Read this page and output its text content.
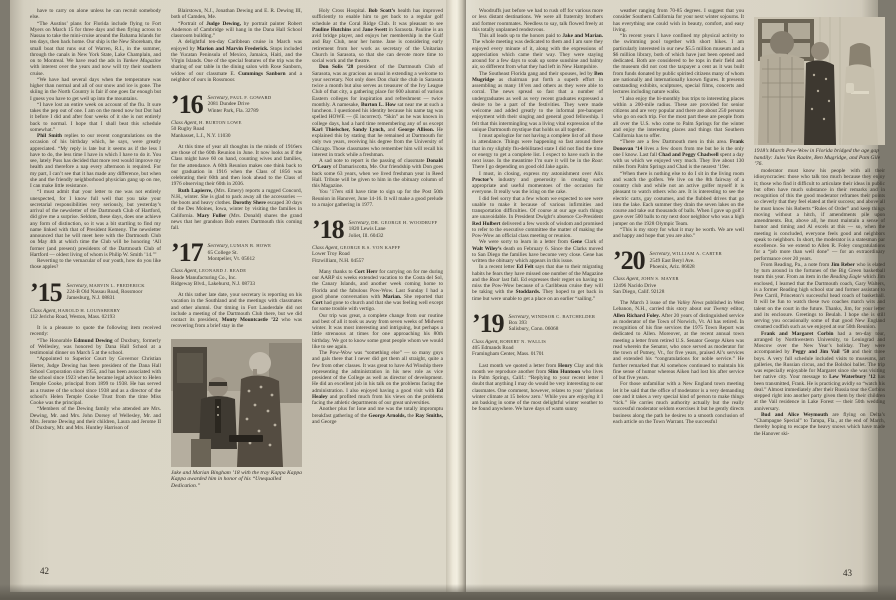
have to carry on alone unless he can recruit somebody else.

“The Austins’ plans for Florida include flying to Fort Myers on March 15 for three days and then flying across to Nassau to take the mini-cruise around the Bahama Islands for ten days, then back home. Our ship is the New Shoreham, the small boat that runs out of Warren, R.I., in the summer, through the canals in New York State, Lake Champlain, and on to Montreal. We have read the ads in Yankee Magazine with interest over the years and now will try their southern cruise.

“We have had several days when the temperature was higher than normal and all of our snow and ice is gone. The skiing in the North Country is fair if one goes far enough but I guess you have to get well up into the mountains.

“I have lost an entire week on account of the flu. It sure takes the pep out of one. I am on the mend now but Dot had it before I did and after four weeks of it she is not entirely back to normal. I hope that I shall beat this schedule somewhat.”

Phil Smith replies to our recent congratulations on the occasion of his birthday which, he says, were greatly appreciated. “My reply is late but it seems as if the less I have to do, the less time I have in which I have to do it. You see, lately Puss has decided that more rest would improve my health and therefore a nap every afternoon is required. For my part, I can’t see that it has made any difference, but when she and the friendly neighborhood physician gang up on me, I can make little resistance.

“I must admit that your letter to me was not entirely unexpected, for I know full well that you take your secretarial responsibilities very seriously, but yesterday’s arrival of the newsletter of the Dartmouth Club of Hartford, did give me a surprise. Seldom, these days, does one achieve any form of distinction, so it was a bit startling to find my name linked with that of President Kemeny. The newsletter announced that he will meet here with the Dartmouth Club on May 4th at which time the Club will be honoring ‘All former (and present) presidents of the Dartmouth Club of Hartford — oldest living of whom is Philip W. Smith ’14.’”

Reverting to the vernacular of our youth, how do you like those apples?

’15 Secretary, MARVIN L. FREDERICK
224-B Old Nassau Road, Rossmoor
Jamesburg, N.J. 08831
Class Agent, HAROLD H. LOUNSBERRY
112 Jericho Road, Weston, Mass. 02193

It is a pleasure to quote the following item received recently:

“The Honorable Edmund Dewing of Duxbury, formerly of Wellesley, was honored by Dana Hall School at a testimonial dinner on March 5 at the school.

“Appointed to Superior Court by Governor Christian Herter, Judge Dewing has been president of the Dana Hall School Corporation since 1955, and has been associated with the school since 1923 when he became legal advisor to Helen Temple Cooke, principal from 1899 to 1938. He has served as a trustee of the school since 1938 and as a director of the school’s Helen Temple Cooke Trust from the time Miss Cooke was the principal.

“Members of the Dewing family who attended are Mrs. Dewing, Mr. and Mrs. John Dorsey of Wellesley, Mr. and Mrs. Jerome Dewing and their children, Laura and Jerome II of Duxbury, Mr. and Mrs. Huntley Harrison of

Blairstown, N.J., Jonathan Dewing and E. R. Dewing III, both of Camden, Me.

“Portrait of Judge Dewing, by portrait painter Robert Anderson of Cambridge will hang in the Dana Hall School classroom building.”

A delightful ten-day Caribbean cruise in March was enjoyed by Marion and Marvin Frederick. Stops included the Yucatan Peninsula of Mexico, Jamaica, Haiti, and the Virgin Islands. One of the special features of the trip was the sharing of our table in the dining salon with Rose Sanborn, widow of our classmate E. Cummings Sanborn and a neighbor of ours in Rossmoor.

’16 Secretary, PAUL F. GOWARD
2081 Dundee Drive
Winter Park, Fla. 32789
Class Agent, H. BURTON LOWE
50 Rugby Road
Manhasset, L.I., N.Y. 11030

At this time of year all thoughts in the minds of 1916ers are those of the 60th Reunion in June. It now looks as if the Class might have 60 on hand, counting wives and families, for the attendance. A 60th Reunion makes one think back to our graduation in 1916 when the Class of 1856 was celebrating their 60th and then look ahead to the Class of 1976 observing their 60th in 2036.

Ruth Lapierre, (Mrs. Emery) reports a rugged Concord, N.H., winter. She is glad to pack away all the accessories — the boots and heavy clothes. Dorothy Shere escaped 30 days of the Des Moines, Iowa, winter by visiting the families in California. Mary Fuller (Mrs. Donald) shares the grand news that her grandson Bob enters Dartmouth this coming fall.

’17 Secretary, LUMAN B. HOWE
65 College St.
Montpelier, Vt. 05612
Class Agent, LEONARD J. READE
Reade Manufacturing Co., Inc.
Ridgeway Blvd., Lakehurst, N.J. 08733

At this rather late date, your secretary is reporting on his vacation in the Southland and the meetings with classmates and other alumni. Our timing in Fort Lauderdale did not include a meeting of the Dartmouth Club there, but we did contact its president, Monty Mountcastle ’22 who was recovering from a brief stay in the

Jake and Marian Bingham ’18 with the tray Kappa Kappa Kappa awarded him in honor of his “Unequalled Dedication.”

Holy Cross Hospital. Bob Scott’s health has improved sufficiently to enable him to get back to a regular golf schedule at the Coral Ridge Club. It was pleasant to see Pauline Hutchins and Jane Swett in Sarasota. Pauline is an avid bridge player, and enjoys her membership in the Gulf and Bay Club, near her home. Jane is considering early retirement from her work as secretary of the Unitarian Church in Sarasota, so that she can devote more time to social work and the theatre.

Don Solis ’28 president of the Dartmouth Club of Sarasota, was as gracious as usual in extending a welcome to your secretary. Not only does Don chair the club in Sarasota twice a month but also serves as treasurer of the Ivy League Club of that city, a gathering place for 600 alumni of various Eastern colleges for inspiration and refreshment — twice monthly. A namesake, Burton L. How sat near me at such a luncheon. I questioned his identity because his name tag was spelled HOWE — (E incorrect). “Skin” as he was known in college days, had a hard time remembering any of us except Karl Thielscher, Sandy Lynch, and George Allison. He explained this by stating that he remained at Dartmouth for only two years, receiving his degree from the University of Chicago. Those classmates who remember him will recall his interest in track while a freshman.

A sad note to report is the passing of classmate Donald O’Leary of Damariscotta, Me. Our friendship with Don goes back some 63 years, when we lived freshman year in Reed Hall. Tribute will be given to him in the obituary column of this Magazine.

You ’17ers still have time to sign up for the Post 50th Reunion in Hanover, June 14-16. It will make a good prelude to a major gathering in 1977.

’18 Secretary, DR. GEORGE H. WOODRUFF
1820 Lewis Lane
Joliet, Ill. 60432
Class Agent, GEORGE R.S. VON KAPFF
Lower Troy Road
Fitzwilliam, N.H. 04557

Many thanks to Cort Herr for carrying on for me during our AARP six weeks extended vacation to the Costa del Sol, the Canary Islands, and another week coming home to Florida and the fabulous Pow-Wow. Last Sunday I had a good phone conversation with Marian. She reported that Cort had gone to church and that she was feeling well except for some trouble with vertigo.

Our trip was great, a complete change from our routine and best of all it took us away from seven weeks of Midwest winter. It was most interesting and intriguing, but perhaps a little strenuous at times for one approaching his 80th birthday. We got to know some great people whom we would like to see again.

The Pow-Wow was “something else” — so many guys and gals there that I never did get them all straight, quite a few from other classes. It was great to have Ad Winship there representing the administration in his new role as vice president of the College as well as director of development. He did an excellent job in his talk on the problems facing the administration. I also enjoyed having a good visit with Ed Healey and profited much from his views on the problems facing the athletic departments of our great universities.

Another plus for Ione and me was the totally impromptu breakfast gathering of the George Arnolds, the Ray Smiths, and George

42

Woodruffs just before we had to rush off for various more or less distant destinations. We were all fraternity brothers and former roommates. Needless to say, talk flowed freely at this totally unplanned rendezvous.

This all leads up to the honors paid to Jake and Marian. The whole meeting was dedicated to them and I am sure they enjoyed every minute of it, along with the expressions of appreciation which came their way. They were staying around for a few days to soak up some sunshine and balmy air, so different from what they had left in New Hampshire.

The Southeast Florida gang and their spouses, led by Ben Mugridge as chairman put forth a superb effort in assembling as many 18’ers and others as they were able to corral. The news spread so fast that a number of undergraduates as well as very recent graduates expressed a desire to be a part of the festivities. They were made welcome and added greatly to the informal pre-banquet enjoyment with their singing and general good fellowship. I felt that this intermingling was a living vital expression of the unique Dartmouth mystique that holds us all together.

I must apologize for not having a complete list of all those in attendance. Things were happening so fast around there that in my slightly flu-debilitated state I did not find the time or energy to get a complete list. I expect to have such in the next issue. In the meantime I’m sure it will be in the Roar. There I go depending on good old Jake again.

I must, in closing, express my astonishment over Alix Proctor’s industry and generosity in creating such appropriate and useful momentoes of the occasion for everyone. It really was the icing on the cake.

I did feel sorry that a few whom we expected to see were unable to make it because of various infirmities and transportation difficulties. Of course at our age such things are unavoidable. In President Dwight’s absence Co-President Red Hulbert delivered a few words of wisdom and promised to refer to the executive committee the matter of making the Pow-Wow an official class meeting or reunion.

We were sorry to learn in a letter from Gene Clark of Walt Wiley’s death on February 6. Since the Clarks moved to San Diego the families have become very close. Gene has written the obituary which appears in this issue.

In a recent letter Ed Felt says that due to their migrating habits he fears they have missed one number of the Magazine and the Roar last fall. Ed expresses their regret on having to miss the Pow-Wow because of a Caribbean cruise they will be taking with the Stoddards. They hoped to get back in time but were unable to get a place on an earlier “sailing.”

’19 Secretary, WINDSOR C. BATCHELDER
Box 393
Salisbury, Conn. 06068
Class Agent, ROBERT N. WALLIS
405 Edmands Road
Framingham Center, Mass. 01701

Last month we quoted a letter from Henry Clay and this month we reproduce another from Slim Huntoon who lives in Palm Springs, Calif.: “Replying to your recent letter I doubt that anything I may do would be very interesting to our classmates. One comment, however, relates to your ‘glorious winter climate at 15 below zero.’ While you are enjoying it I am basking in some of the most delightful winter weather to be found anywhere. We have days of warm sunny

weather ranging from 70-85 degrees. I suggest that you consider Southern California for your next winter sojourns. It has everything one could wish in beauty, comfort, and easy living.

“In recent years I have confined my physical activity to the swimming pool together with short hikes. I am particularly interested in our new $5.5 million museum and a $6 million library, both of which have just been opened and dedicated. Both are considered to be tops in their field and the museum did not cost the taxpayer a cent as it was built from funds donated by public spirited citizens many of whom are nationally and internationally known figures. It presents outstanding exhibits, sculptures, special films, concerts and lectures including nature walks.

“I also enjoy the bi-monthly bus trips to interesting places within a 200-mile radius. These are provided for senior citizens and are very popular and there are about 250 persons who go on each trip. For the most part these are people from all over the U.S. who come to Palm Springs for the winter and enjoy the interesting places and things that Southern California has to offer.

“There are a few Dartmouth men in this area. Frank Donovan ’14 lives a few doors from me but he is the only one I know. Last fall Chad and Peggy Chadwell spent a day with us which we enjoyed very much. They live about 130 miles from Palm Springs and Chad is the nearest ’19er.

“When there is nothing else to do I sit in the living room and watch the golfers. We live on the 8th fairway of a country club and while not an active golfer myself it is pleasant to watch others who are. It is interesting to see the electric carts, gay costumes, and the flubbed drives that go into the lake. Each summer they drain the seven lakes on the course and take out thousands of balls. When I gave up golf I gave over 500 balls to my next door neighbor who was a high jumper on the 1928 Olympic Team.

“This is my story for what it may be worth. We are well and happy and hope that you are also.”

’20 Secretary, WILLIAM A. CARTER
2549 East Beryl Ave.
Phoenix, Ariz. 86028
Class Agent, JOHN S. MAYER
12496 Nacido Drive
San Diego, Calif. 92128

The March 3 issue of the Valley News published in West Lebanon, N.H., carried this story about our Twenty editor, Allen Richard Foley. After 20 years of distinguished service as moderator of the Town of Norwich, Vt. Al has retired. In recognition of his fine services the 1975 Town Report was dedicated to Allen. Moreover, at the recent annual town meeting a letter from retired U.S. Senator George Aiken was read wherein the Senator, who once served as moderator for the town of Putney, Vt., for five years, praised Al’s services and extended his “congratulations for noble service.” He further remarked that Al somehow continued to maintain his fine sense of humor whereas Aiken had lost his after service of but five years.

For those unfamiliar with a New England town meeting let it be said that the office of moderator is a very demanding one and it takes a very special kind of person to make things “tick.” He carries much authority actually but the really successful moderator seldom exercises it but he gently directs business along the path he desires to a smooth conclusion of each article on the Town Warrant. The successful

1918’s March Pow-Wow in Florida bridged the age gap handily: Jules Van Raalte, Ben Mugridge, and Pam Gile ’76.

moderator must know his people with all their idiosyncracies: those who talk too much because they enjoy it; those who find it difficult to articulate their ideas in public but often have much substance in their remarks and in recognition of this the good moderator reframes their points so cleverly that they feel elated at their success; and above all he must know his Roberts “Rules of Order” and keep things moving without a hitch, if amendments pile upon amendments. But, above all, he must maintain a sense of humor and timing and Al excels at this — so, when the meeting is concluded, everyone feels good and neighbors speak to neighbors. In short, the moderator is a statesman par excellence. So we extend to Allen R. Foley congratulations for a “job more than well done” — for an extraordinary performance over 20 years.

From Reading, Pa., a note from Jim Reber who is elated by turn around in the fortunes of the Big Green basketball team this year. From an item in the Reading Eagle which Jim enclosed, I learned that the Dartmouth coach, Gary Walters, is a former Reading high school star and former assistant to Pete Carril, Princeton’s successful head coach of basketball. It will be fun to watch these two coaches match wits and talent on the court in the future. Thanks, Jim, for your letter and its enclosure. Greetings to Beulah. I hope she is still serving you occasionally some of that good New England creamed codfish such as we enjoyed at our 50th Reunion.

Frank and Margaret Corbin had a ten-day tour, arranged by Northwestern University, to Leningrad and Moscow over the New Year’s holiday. They were accompanied by Peggy and Jim Vail ’50 and their three boys. A very full schedule included visits to museums, art galleries, the Russian circus, and the Bolshoi ballet. The trip was especially enjoyable for Margaret since she was visiting her native city. Your message to Lew Waterbury ’12 has been transmitted, Frank. He is practicing avidly so “watch his deal.” Almost immediately after their Russia tour the Corbins stepped right into another party given them by their children at the Vail residence in Lake Forest — their 50th wedding anniversary.

Bud and Alice Weymouth are flying on Delta’s “Champagne Special” to Tampa, Fla., at the end of March, thereby hoping to escape the heavy snows which have made the Hanover ski-

43
